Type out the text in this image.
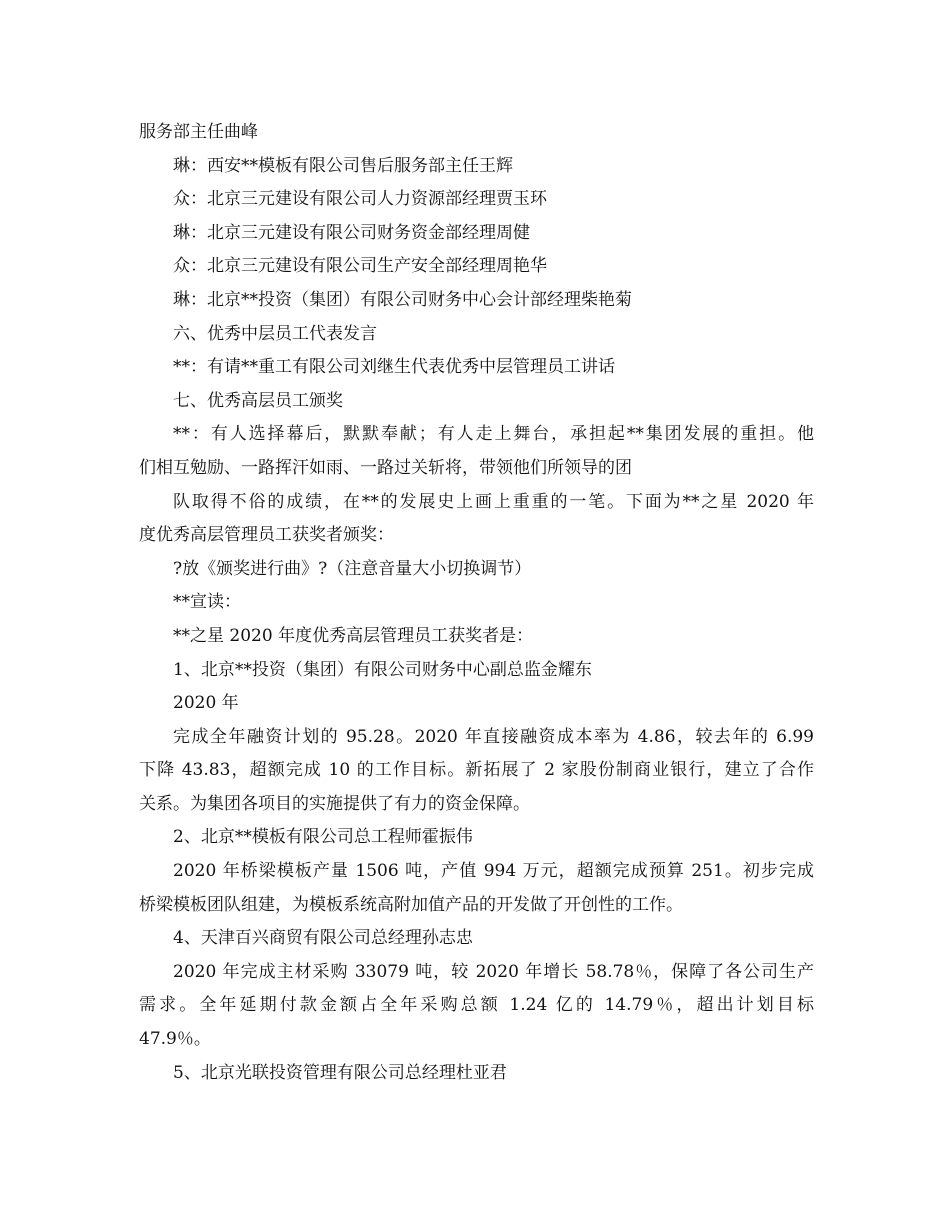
服务部主任曲峰

琳：西安**模板有限公司售后服务部主任王辉

众：北京三元建设有限公司人力资源部经理贾玉环

琳：北京三元建设有限公司财务资金部经理周健

众：北京三元建设有限公司生产安全部经理周艳华

琳：北京**投资（集团）有限公司财务中心会计部经理柴艳菊

六、优秀中层员工代表发言

**：有请**重工有限公司刘继生代表优秀中层管理员工讲话

七、优秀高层员工颁奖

**：有人选择幕后，默默奉献；有人走上舞台，承担起**集团发展的重担。他

们相互勉励、一路挥汗如雨、一路过关斩将，带领他们所领导的团

队取得不俗的成绩，在**的发展史上画上重重的一笔。下面为**之星 2020 年

度优秀高层管理员工获奖者颁奖：

?放《颁奖进行曲》?（注意音量大小切换调节）

**宣读：

**之星 2020 年度优秀高层管理员工获奖者是：

1、北京**投资（集团）有限公司财务中心副总监金耀东

2020 年

完成全年融资计划的 95.28。2020 年直接融资成本率为 4.86，较去年的 6.99

下降 43.83，超额完成 10 的工作目标。新拓展了 2 家股份制商业银行，建立了合作

关系。为集团各项目的实施提供了有力的资金保障。

2、北京**模板有限公司总工程师霍振伟

2020 年桥梁模板产量 1506 吨，产值 994 万元，超额完成预算 251。初步完成

桥梁模板团队组建，为模板系统高附加值产品的开发做了开创性的工作。

4、天津百兴商贸有限公司总经理孙志忠

2020 年完成主材采购 33079 吨，较 2020 年增长 58.78％，保障了各公司生产

需求。全年延期付款金额占全年采购总额 1.24 亿的 14.79％，超出计划目标

47.9％。

5、北京光联投资管理有限公司总经理杜亚君
